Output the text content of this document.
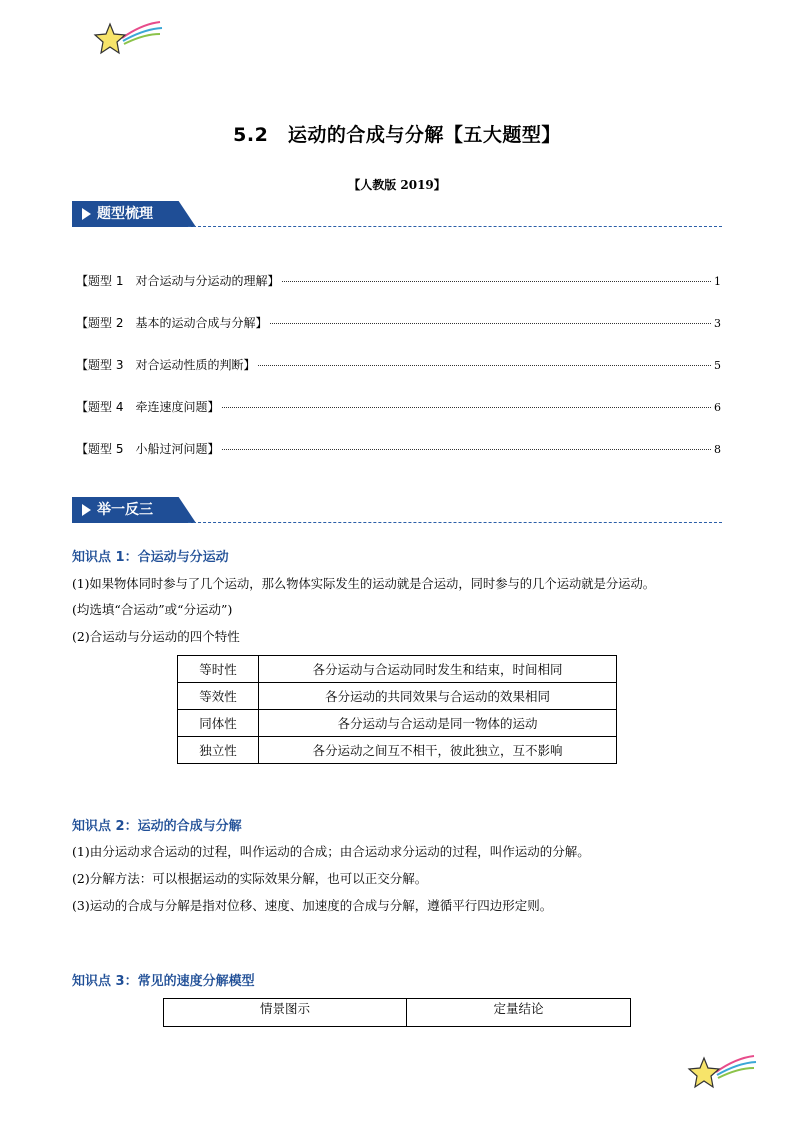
5.2　运动的合成与分解【五大题型】
【人教版 2019】
题型梳理
【题型 1　对合运动与分运动的理解】	1
【题型 2　基本的运动合成与分解】	3
【题型 3　对合运动性质的判断】	5
【题型 4　牵连速度问题】	6
【题型 5　小船过河问题】	8
举一反三
知识点 1：合运动与分运动
(1)如果物体同时参与了几个运动，那么物体实际发生的运动就是合运动，同时参与的几个运动就是分运动。
(均选填“合运动”或“分运动”)
(2)合运动与分运动的四个特性
等时性	各分运动与合运动同时发生和结束，时间相同
等效性	各分运动的共同效果与合运动的效果相同
同体性	各分运动与合运动是同一物体的运动
独立性	各分运动之间互不相干，彼此独立，互不影响
知识点 2：运动的合成与分解
(1)由分运动求合运动的过程，叫作运动的合成；由合运动求分运动的过程，叫作运动的分解。
(2)分解方法：可以根据运动的实际效果分解，也可以正交分解。
(3)运动的合成与分解是指对位移、速度、加速度的合成与分解，遵循平行四边形定则。
知识点 3：常见的速度分解模型
情景图示	定量结论
